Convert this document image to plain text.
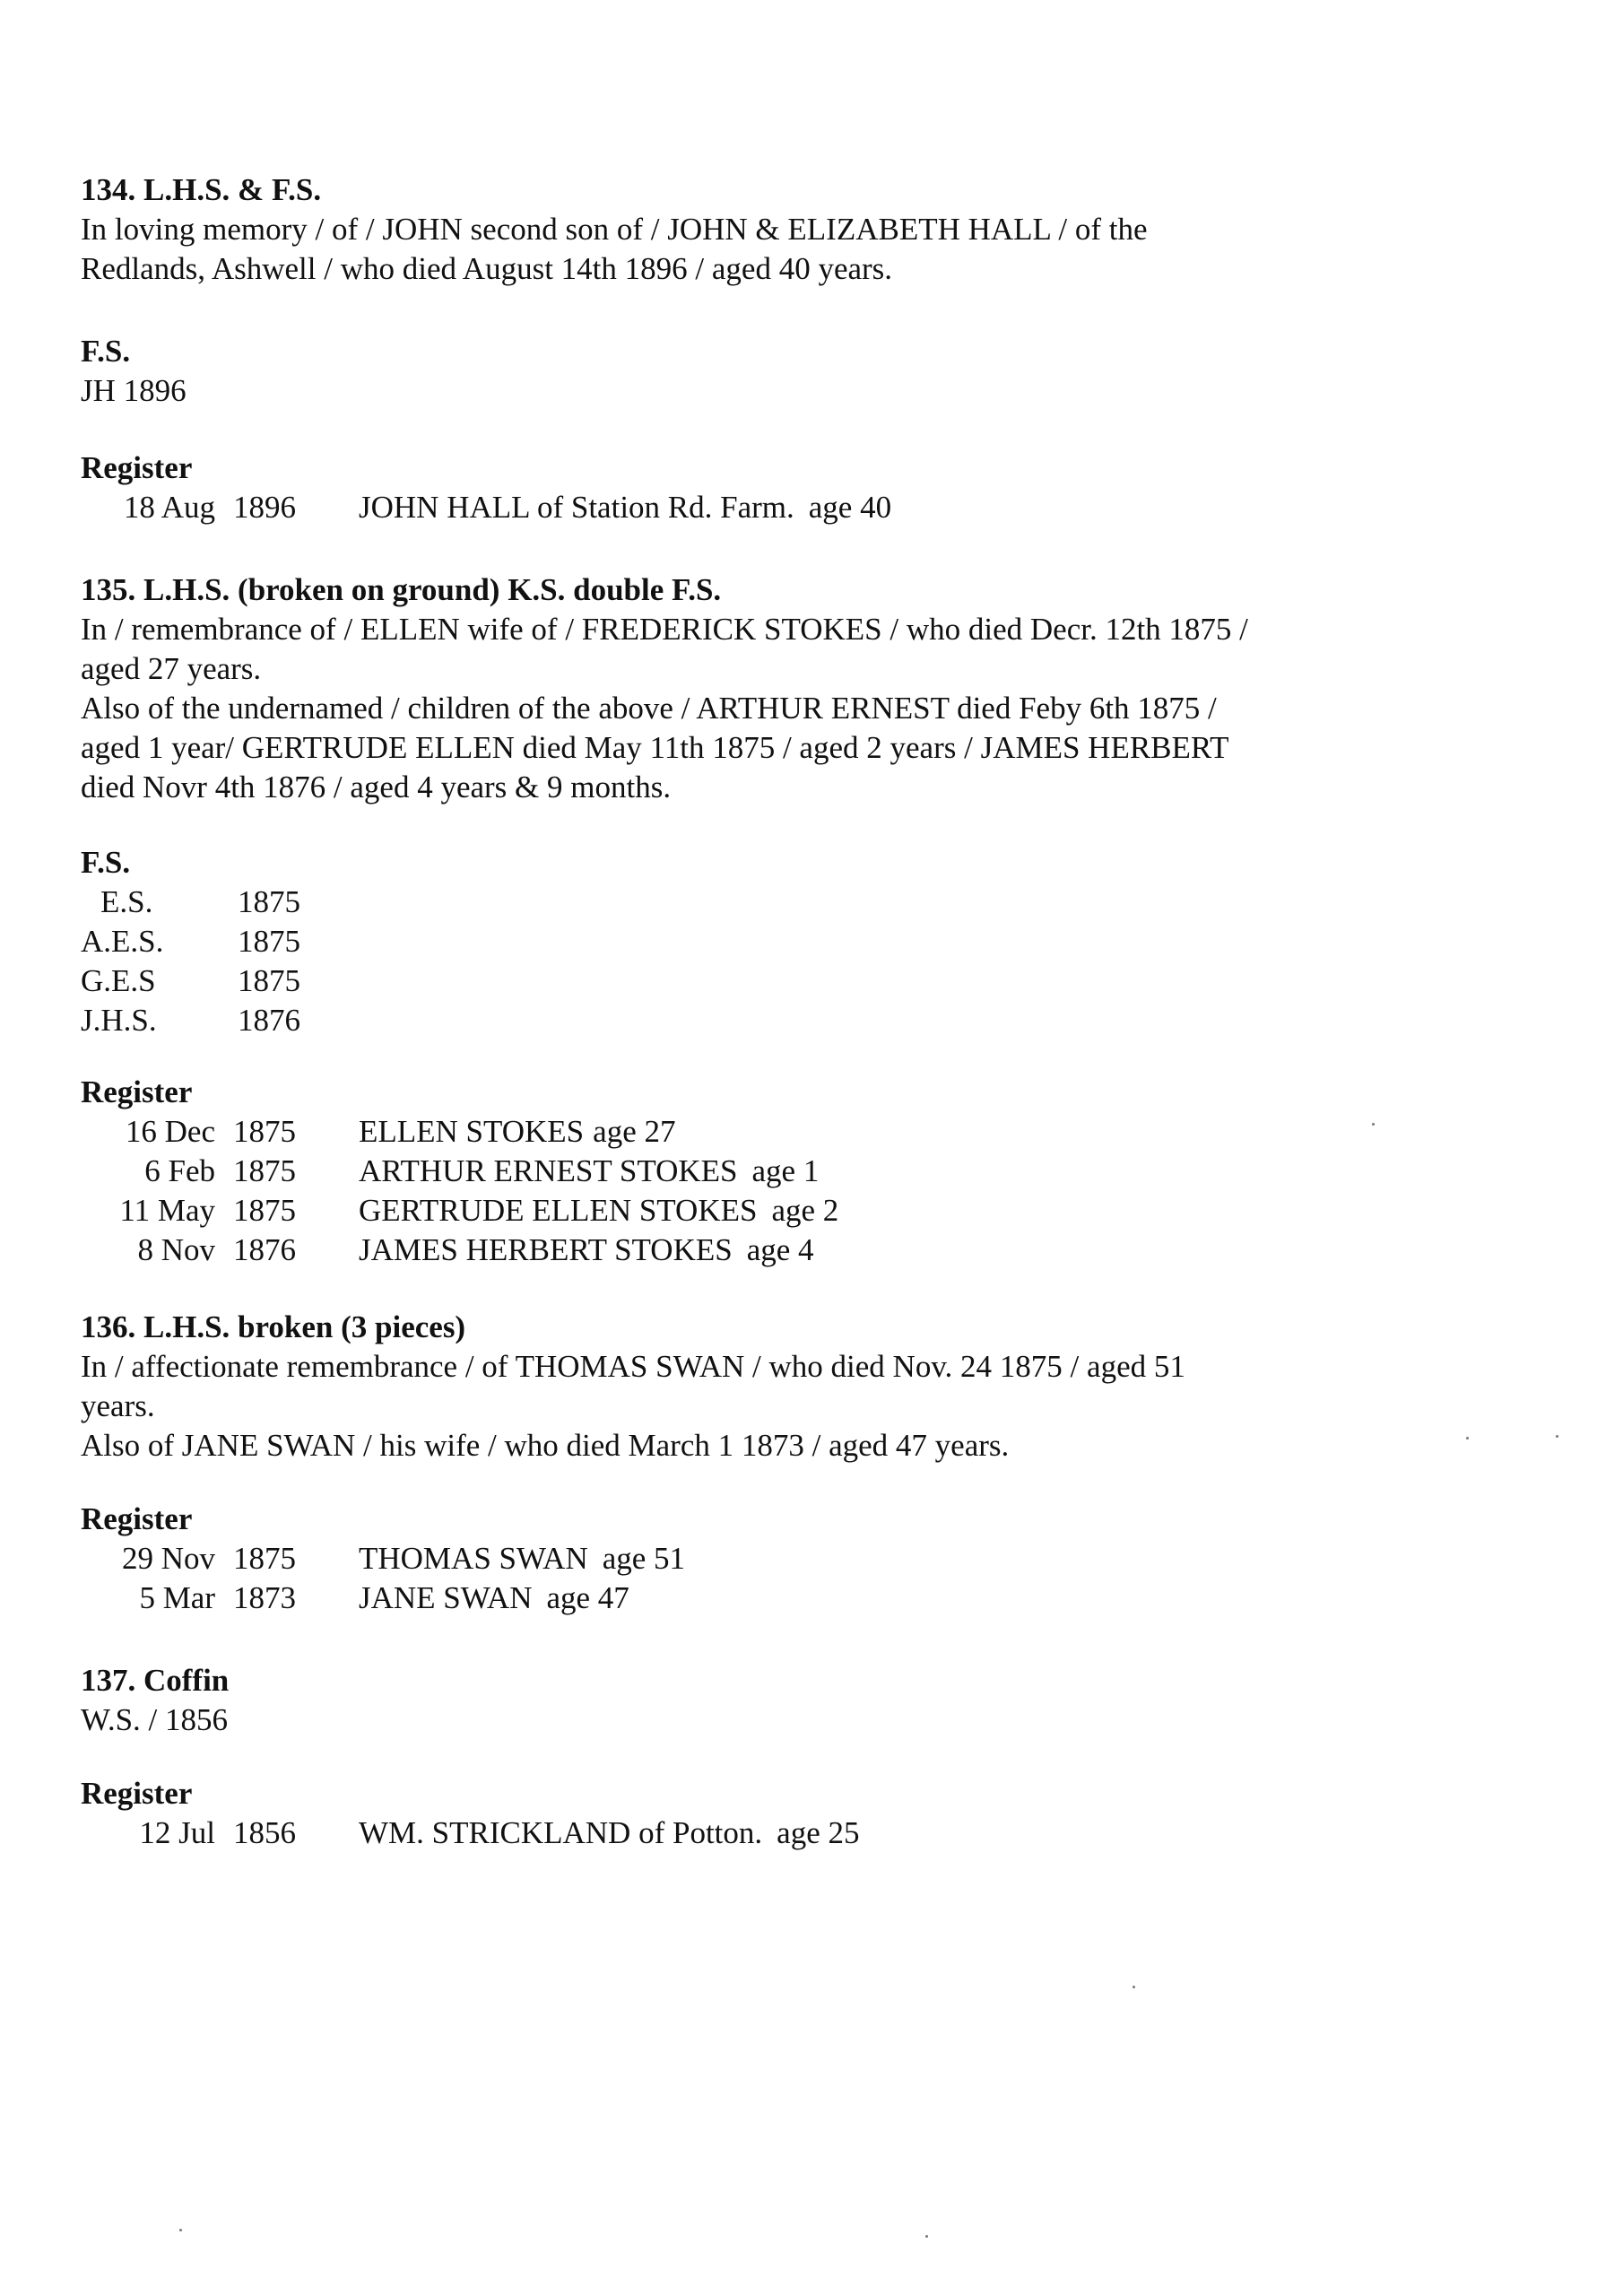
134. L.H.S. & F.S.

In loving memory / of / JOHN second son of / JOHN & ELIZABETH HALL / of the

Redlands, Ashwell / who died August 14th 1896 / aged 40 years.

F.S.

JH 1896

Register
18 Aug 1896 JOHN HALL of Station Rd. Farm. age 40
135. L.H.S. (broken on ground) K.S. double F.S.

In / remembrance of / ELLEN wife of / FREDERICK STOKES / who died Decr. 12th 1875 /

aged 27 years.

Also of the undernamed / children of the above / ARTHUR ERNEST died Feby 6th 1875 /

aged 1 year/ GERTRUDE ELLEN died May 11th 1875 / aged 2 years / JAMES HERBERT

died Novr 4th 1876 / aged 4 years & 9 months.

F.S.
E.S.	1875
A.E.S.	1875
G.E.S	1875
J.H.S.	1876
Register
16 Dec 1875 ELLEN STOKES age 27
6 Feb 1875 ARTHUR ERNEST STOKES age 1
11 May 1875 GERTRUDE ELLEN STOKES age 2
8 Nov 1876 JAMES HERBERT STOKES age 4
136. L.H.S. broken (3 pieces)

In / affectionate remembrance / of THOMAS SWAN / who died Nov. 24 1875 / aged 51

years.

Also of JANE SWAN / his wife / who died March 1 1873 / aged 47 years.

Register
29 Nov 1875 THOMAS SWAN age 51
5 Mar 1873 JANE SWAN age 47
137. Coffin

W.S. / 1856

Register
12 Jul 1856 WM. STRICKLAND of Potton. age 25
